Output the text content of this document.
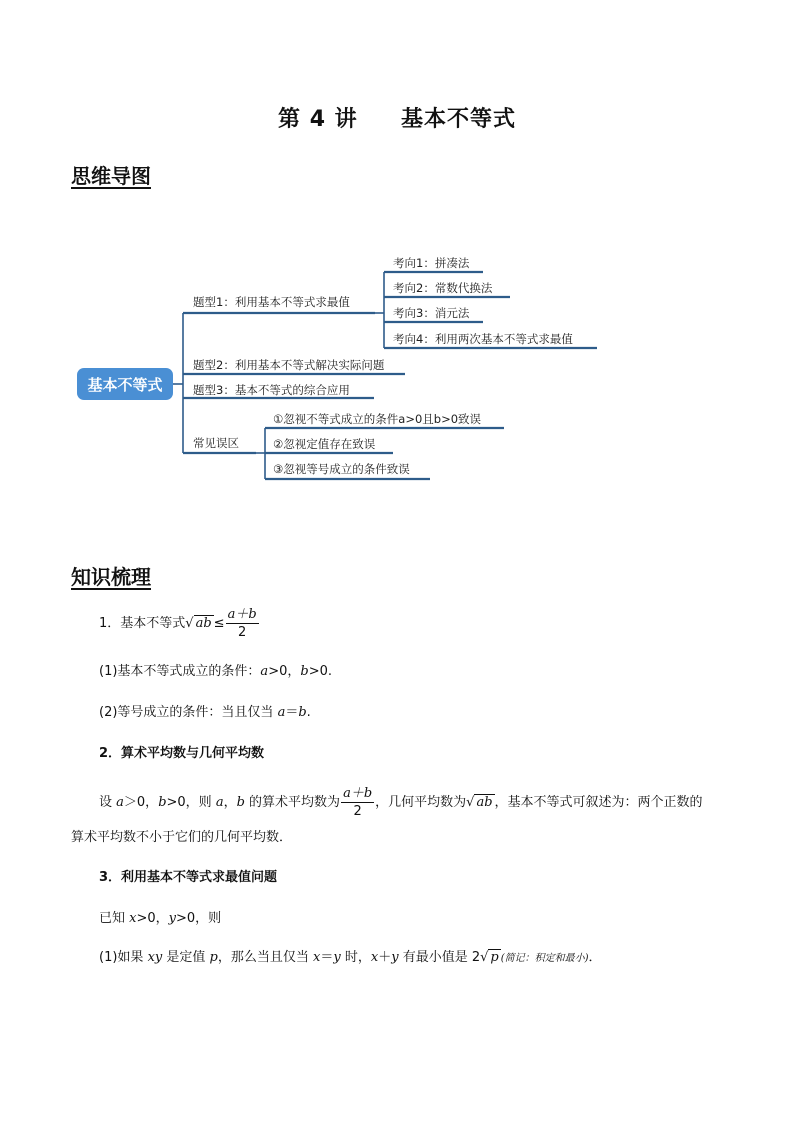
第 4 讲     基本不等式
思维导图
基本不等式
题型1：利用基本不等式求最值
考向1：拼凑法
考向2：常数代换法
考向3：消元法
考向4：利用两次基本不等式求最值
题型2：利用基本不等式解决实际问题
题型3：基本不等式的综合应用
常见误区
①忽视不等式成立的条件a>0且b>0致误
②忽视定值存在致误
③忽视等号成立的条件致误
知识梳理
1．基本不等式√ ab ≤ $\frac{a+b}{2}$
(1)基本不等式成立的条件：a>0，b>0.
(2)等号成立的条件：当且仅当 a＝b.
2．算术平均数与几何平均数
设 a＞0，b>0，则 a，b 的算术平均数为 $\frac{a+b}{2}$ ，几何平均数为√ ab ，基本不等式可叙述为：两个正数的
算术平均数不小于它们的几何平均数．
3．利用基本不等式求最值问题
已知 x>0，y>0，则
(1)如果 xy 是定值 p，那么当且仅当 x＝y 时，x＋y 有最小值是 2√ p (简记：积定和最小)．
